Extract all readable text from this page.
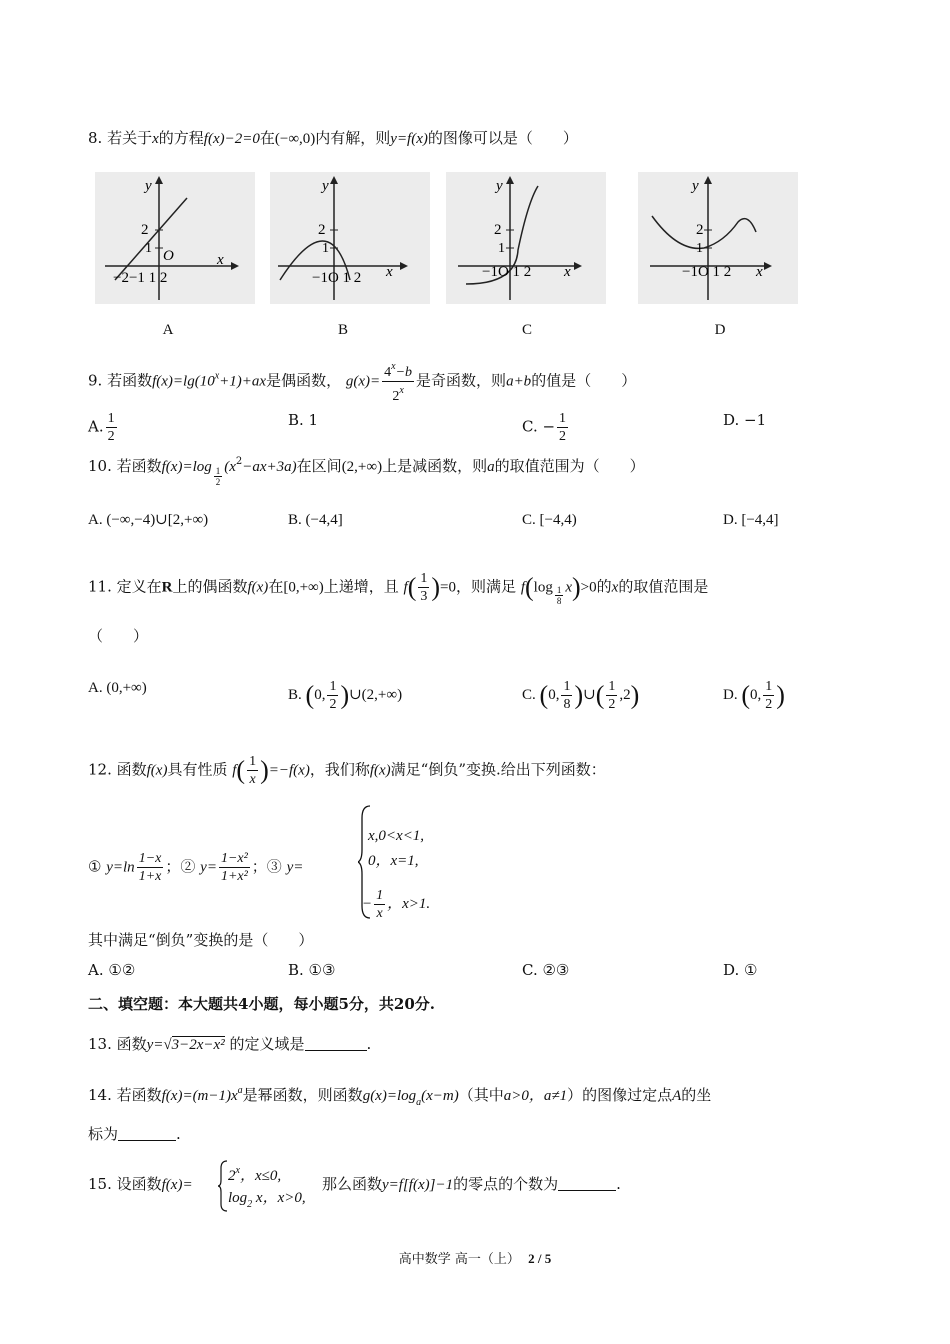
8. 若关于x的方程f(x)−2=0在(−∞,0)内有解，则y=f(x)的图像可以是（　　）
y
x
2
1 O
−2−1 1 2
A
y
x
2
1
−1O 1 2
B
y
x
2
1
−1O 1 2
C
y
x
2
1
−1O 1 2
D
9. 若函数$f(x)=\lg(10^x+1)+ax$是偶函数， $g(x)= \frac{4^x-b}{2^x}$ 是奇函数，则a+b的值是（　　）
A. $\frac{1}{2}$	B. 1	C. − $\frac{1}{2}$	D. −1
10. 若函数$f(x)=\log \frac{1}{2} (x^2-ax+3a)$在区间(2,+∞)上是减函数，则a的取值范围为（　　）
A. (−∞,−4)∪[2,+∞)	B. (−4,4]	C. [−4,4)	D. [−4,4]
11. 定义在R上的偶函数f(x)在[0,+∞)上递增，且 $f( \frac{1}{3} )=0$，则满足 $f(\log \frac{1}{8} x)>0$的x的取值范围是
（　　）
A. (0,+∞)	B. (0, $\frac{1}{2}$ )∪(2,+∞)	C. (0, $\frac{1}{8}$ )∪( $\frac{1}{2} ,2$)	D. (0, $\frac{1}{2}$ )
12. 函数f(x)具有性质 $f( \frac{1}{x} )=-f(x)$，我们称f(x)满足“倒负”变换.给出下列函数：
① $y=\ln \frac{1-x}{1+x}$ ；② $y= \frac{\text{1−x²}}{\text{1+x²}}$ ；③ y=
x,0<x<1,
0，x=1,
− $\frac{1}{x}$ ，x>1.
其中满足“倒负”变换的是（　　）
A. ①②	B. ①③	C. ②③	D. ①
二、填空题：本大题共4小题，每小题5分，共20分.
13. 函数y=√3−2x−x² 的定义域是	.
14. 若函数$f(x)=(m-1)x^a$是幂函数，则函数$g(x)=\log_a(x-m)$（其中a>0，a≠1）的图像过定点A的坐
标为	.
15. 设函数f(x)=
$2^x$，x≤0,
$\log_2 x$，x>0,
那么函数y=f[f(x)]−1的零点的个数为	.
高中数学 高一（上） 2 / 5
